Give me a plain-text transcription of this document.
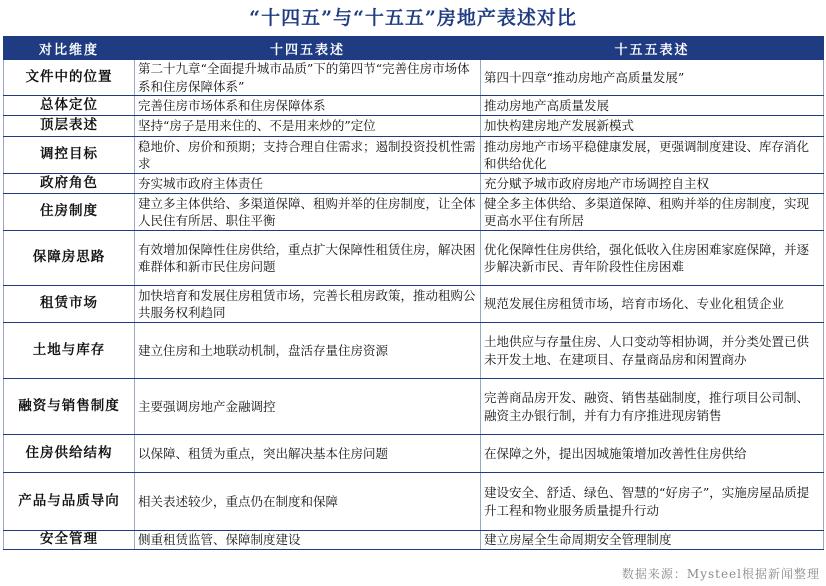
“十四五”与“十五五”房地产表述对比
对比维度	十四五表述	十五五表述
文件中的位置	第二十九章“全面提升城市品质”下的第四节“完善住房市场体系和住房保障体系”	第四十四章“推动房地产高质量发展”
总体定位	完善住房市场体系和住房保障体系	推动房地产高质量发展
顶层表述	坚持“房子是用来住的、不是用来炒的”定位	加快构建房地产发展新模式
调控目标	稳地价、房价和预期；支持合理自住需求；遏制投资投机性需求	推动房地产市场平稳健康发展，更强调制度建设、库存消化和供给优化
政府角色	夯实城市政府主体责任	充分赋予城市政府房地产市场调控自主权
住房制度	建立多主体供给、多渠道保障、租购并举的住房制度，让全体人民住有所居、职住平衡	健全多主体供给、多渠道保障、租购并举的住房制度，实现更高水平住有所居
保障房思路	有效增加保障性住房供给，重点扩大保障性租赁住房，解决困难群体和新市民住房问题	优化保障性住房供给，强化低收入住房困难家庭保障，并逐步解决新市民、青年阶段性住房困难
租赁市场	加快培育和发展住房租赁市场，完善长租房政策，推动租购公共服务权利趋同	规范发展住房租赁市场，培育市场化、专业化租赁企业
土地与库存	建立住房和土地联动机制，盘活存量住房资源	土地供应与存量住房、人口变动等相协调，并分类处置已供未开发土地、在建项目、存量商品房和闲置商办
融资与销售制度	主要强调房地产金融调控	完善商品房开发、融资、销售基础制度，推行项目公司制、融资主办银行制，并有力有序推进现房销售
住房供给结构	以保障、租赁为重点，突出解决基本住房问题	在保障之外，提出因城施策增加改善性住房供给
产品与品质导向	相关表述较少，重点仍在制度和保障	建设安全、舒适、绿色、智慧的“好房子”，实施房屋品质提升工程和物业服务质量提升行动
安全管理	侧重租赁监管、保障制度建设	建立房屋全生命周期安全管理制度
数据来源：Mysteel根据新闻整理
